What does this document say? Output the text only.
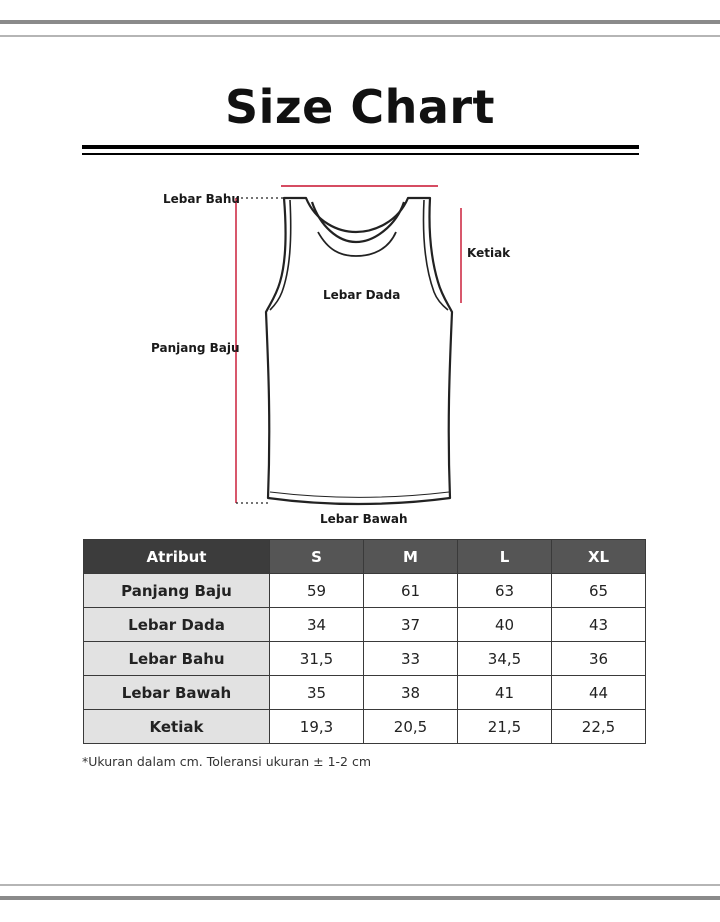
Size Chart
Lebar Bahu
Ketiak
Lebar Dada
Panjang Baju
Lebar Bawah
Atribut	S	M	L	XL
Panjang Baju	59	61	63	65
Lebar Dada	34	37	40	43
Lebar Bahu	31,5	33	34,5	36
Lebar Bawah	35	38	41	44
Ketiak	19,3	20,5	21,5	22,5
*Ukuran dalam cm. Toleransi ukuran ± 1-2 cm
